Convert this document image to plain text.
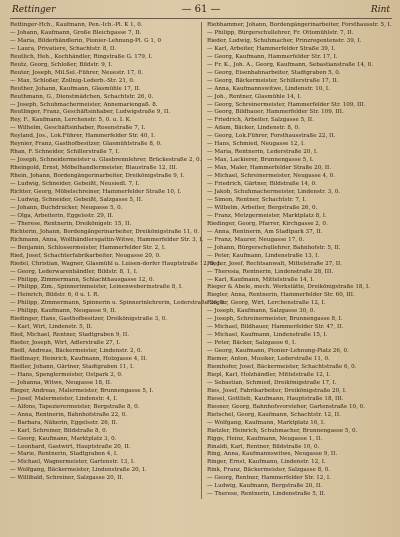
Rettinger	— 61 —	Rint
Rettinger-Hch., Kaufmann, Pen.-Ich.-Pl. K 1, 0.
— Johann, Kaufmann, Große Bleichgasse 7, II.
— Maria, Bilderhändlerin, Pionier-Lehnung-Pl. G 1, 0
— Laura, Privatiere, Schachtstr. 8, II.
Reutlich, Heh., Kochhändler, Ringstraße G. 179, I.
Reutz, Georg, Schloßer, Bildstr. 9, I.
Reuter, Joseph, Mil.Sel.-Führer, Neuestr. 17, 0.
— Max, Schloßer, Zollnig-Lederb.-Str. 21, 0.
Reuther, Johann, Kaufmann, Glasmühle 17, II.
Reuthmann, G., Dienstmädchen, Schachtstr. 26, 0.
— Joseph, Schuhmachermeister, Annemariengaß. 8.
Reutlinger, Franz, Geschäftsinhaber, Ludwigstraße 9, II.
Rey, F., Kaufmann, Lerchenstr. 5, 0. u. I. K.
— Wilhelm, Geschäftsinhaber, Rosenstraße 7, I.
Reyland, Jos., Lok.Führer, Hammerfelder Str. 40, I.
Reynier, Franz, Gasthofbesitzer, Glasmühlstraße 8, 0.
Rhan, F. Schneider, Schillerstraße 7, I.
— Joseph, Schneidermeister u. Glasbrennlehrer, Brückestraße 2, 0.
Rheingold, Ernst, Möbelhandlermeister, Blaustraße 12, III.
Rhein, Johann, Bordengängerinarbeiter, Dreikönigstraße 9, I.
— Ludwig, Schneider, Gebeißt, Neusiedl. 7, I.
Richter, Georg, Möbelschreiner, Hammerfelder Straße 10, I.
— Ludwig, Schneider, Gebeißt, Salzgasse 5, II.
— Johann, Buchdrucker, Neugasse 5, 0.
— Olga, Arbeiterin, Eggelsstr. 29, II.
— Therese, Rentnerin, Dreikönigstr. 15, II.
Richterin, Johann, Bordengängerinarbeiter, Dreikönigstraße 11, 0.
Richmann, Anna, Wollhändlersgattin-Witwe, Hammerfelder Str. 3, I.
— Benjamin, Schlossermeister, Hammerfelder Str. 2, I.
Ried, Josef, Schachterfabrikarbeiter, Neugasse 20, 0.
Riedel, Christian, Wagner, Glasmühl u. Luisen-dorfer Hauptstraße 12, 0, I.
— Georg, Lederwarenhändler, Bildstr. 8, 1, I.
— Philipp, Zimmermann, Schlachthausgasse 12, 0.
— Philipp, Zim., Spinnerinmeister, Leinenweberinstraße 8, I.
— Heinrich, Bildstr. 6, 0 u. I. R.
— Philipp, Zimmermann, Spinnerin u. Spinnerinlehrerin, Lederstraße 26, 0.
— Philipp, Kaufmann, Neugasse 9, II.
Riedinger, Hans, Gasthofbesitzer, Dreikönigstraße 3, 0.
— Karl, Wirt, Lindenstr. 5, II.
Ried, Michael, Rentner, Stadtgraben 9, II.
Rieder, Joseph, Wirt, Adlerstraße 27, I.
Riedl, Andreas, Bäckermeister, Lindenstr. 2, 0.
Riedlmayr, Heinrich, Kaufmann, Holzgasse 4, II.
Riedler, Johann, Gärtner, Stadtgraben 11, I.
— Hans, Spenglermeister, Ostpark 2, 0.
— Johanna, Witwe, Neugasse 18, II.
Rieger, Andreas, Malermeister, Brunnengasse 5, I.
— Josef, Malermeister, Lindenstr. 4, I.
— Alfons, Tapezierermeister, Bergstraße 8, 0.
— Anna, Rentnerin, Bahnhofstraße 22, 0.
— Barbara, Näherin, Eggelsstr. 26, II.
— Karl, Schreiner, Bildstraße 8, 0.
— Georg, Kaufmann, Marktplatz 3, 0.
— Leonhard, Gastwirt, Hauptstraße 20, II.
— Marie, Rentnerin, Stadtgraben 4, I.
— Michael, Wagnermeister, Gartenstr. 13, I.
— Wolfgang, Bäckermeister, Lindenstraße 20, I.
— Willibald, Schreiner, Salzgasse 20, II.
Riebhammer, Johann, Bordengängerinarbeiter, Forsthausstr. 5, I.
— Philipp, Bürgerschullehrer, Fr. Ottomühlstr. 7, II.
Rieder, Ludwig, Schuhmacher, Prinzregentenstr. 39, I.
— Karl, Arbeiter, Hammerfelder Straße 39, I.
— Georg, Kaufmann, Hammerfelder Str. 17, I.
— Fr. K., Joh. A., Georg, Kaufmann, Sebastianstraße 14, 0.
— Georg, Eisenbahnarbeiter, Stadtgraben 5, 0.
— Georg, Bäckermeister, Schillerstraße 17, II.
— Anna, Kaufmannswitwe, Lindenstr. 10, I.
— Joh., Rentner, Glasmühle 14, I.
— Georg, Schreinermeister, Hammerfelder Str. 109, III.
— Georg, Bildhauer, Hammerfelder Str. 109, III.
— Friedrich, Arbeiter, Salzgasse 5, II.
— Adam, Bäcker, Lindenstr. 8, 0.
— Georg, Lok.Führer, Forsthausstraße 22, II.
— Hans, Schmied, Neugasse 12, I.
— Maria, Rentnerin, Lederstraße 20, I.
— Max, Lackierer, Brunnengasse 5, I.
— Max, Maler, Hammerfelder Straße 20, II.
— Michael, Schreinermeister, Neugasse 4, 0.
— Friedrich, Gärtner, Bildstraße 14, 0.
— Jakob, Schuhmachermeister, Lindenstr. 3, 0.
— Simon, Rentner, Schachtstr. 7, I.
— Wilhelm, Arbeiter, Bergstraße 26, 0.
— Franz, Metzgermeister, Marktplatz 8, I.
Riedinger, Georg, Pfarrer, Kirchgasse 2, 0.
— Anna, Rentnerin, Am Stadtpark 37, II.
— Franz, Maurer, Neugasse 17, 0.
— Johann, Bürgerschullehrer, Bahnhofstr. 5, II.
— Peter, Kaufmann, Lindenstraße 13, I.
Rieger, Josef, Rechtsanwalt, Mittelstraße 27, II.
— Theresia, Rentnerin, Lindenstraße 28, III.
— Karl, Kaufmann, Mittelstraße 14, I.
Rieger & Abele, mech. Werkstätte, Dreikönigstraße 18, I.
Riegler, Anna, Rentnerin, Hammerfelder Str. 60, III.
Riegler, Georg, Wirt, Lerchenstraße 12, I.
— Joseph, Kaufmann, Salzgasse 30, 0.
— Joseph, Schreinermeister, Brunnengasse 8, I.
— Michael, Bildhauer, Hammerfelder Str. 47, II.
— Michael, Kaufmann, Lindenstraße 15, I.
— Peter, Bäcker, Salzgasse 6, I.
— Georg, Kaufmann, Pionier-Lehnung-Platz 26, 0.
Riemer, Anton, Musiker, Lederstraße 11, 0.
Riemhofer, Josef, Bäckermeister, Schachtstraße 6, 0.
Riepl, Karl, Holzhändler, Mittelstraße 12, I.
— Sebastian, Schmied, Dreikönigstraße 17, I.
Ries, Josef, Fabrikarbeiter, Dreikönigstraße 20, I.
Riesel, Gottlieb, Kaufmann, Hauptstraße 18, III.
Riesner, Georg, Bahnhofsvorsteher, Gartenstraße 10, 0.
Rietschel, Georg, Kaufmann, Schachtstr. 12, II.
— Wolfgang, Kaufmann, Marktplatz 16, I.
Rietzler, Heinrich, Schuhmacher, Brunnengasse 5, 0.
Riggs, Heinz, Kaufmann, Neugasse 1, II.
Rinaldi, Karl, Rentner, Bildstraße 10, 0.
Ring, Anna, Kaufmannswitwe, Neugasse 9, II.
Ringer, Ernst, Kaufmann, Lindenstr. 12, I.
Rink, Franz, Bäckermeister, Salzgasse 8, 0.
— Georg, Rentner, Hammerfelder Str. 12, I.
— Ludwig, Kaufmann, Bergstraße 20, II.
— Therese, Rentnerin, Lindenstraße 5, II.
